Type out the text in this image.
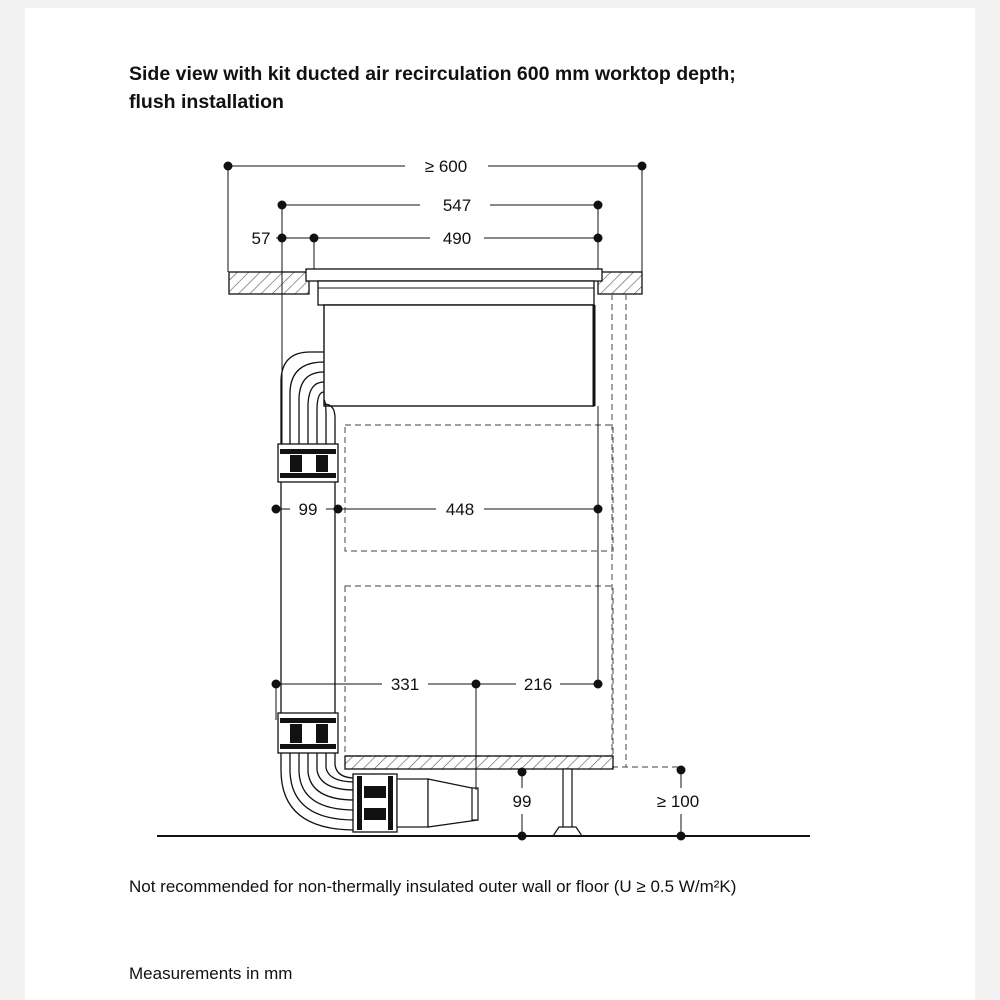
Side view with kit ducted air recirculation 600 mm worktop depth;
flush installation
≥ 600
547
57	490
99	448
331	216
99	≥ 100

Not recommended for non-thermally insulated outer wall or floor (U ≥ 0.5 W/m²K)

Measurements in mm
